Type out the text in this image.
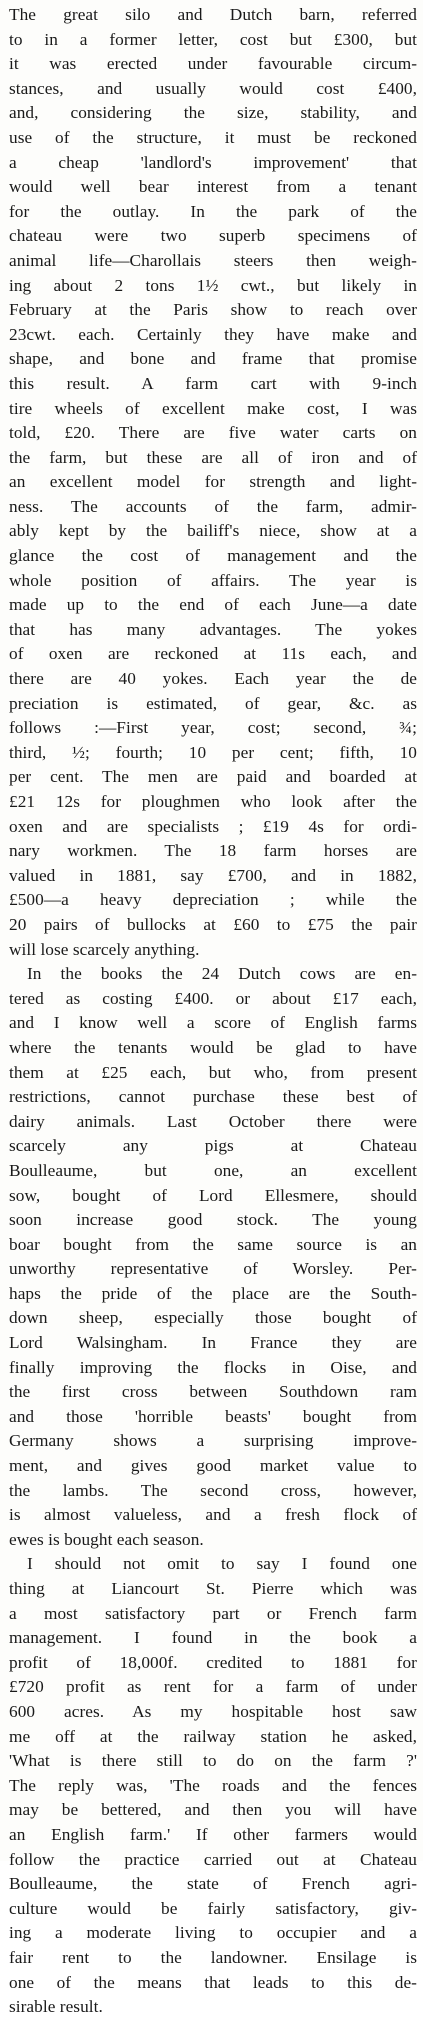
The great silo and Dutch barn, referred
to in a former letter, cost but £300, but
it was erected under favourable circum-
stances, and usually would cost £400,
and, considering the size, stability, and
use of the structure, it must be reckoned
a cheap 'landlord's improvement' that
would well bear interest from a tenant
for the outlay. In the park of the
chateau were two superb specimens of
animal life—Charollais steers then weigh-
ing about 2 tons 1½ cwt., but likely in
February at the Paris show to reach over
23cwt. each. Certainly they have make and
shape, and bone and frame that promise
this result. A farm cart with 9-inch
tire wheels of excellent make cost, I was
told, £20. There are five water carts on
the farm, but these are all of iron and of
an excellent model for strength and light-
ness. The accounts of the farm, admir-
ably kept by the bailiff's niece, show at a
glance the cost of management and the
whole position of affairs. The year is
made up to the end of each June—a date
that has many advantages. The yokes
of oxen are reckoned at 11s each, and
there are 40 yokes. Each year the de
preciation is estimated, of gear, &c. as
follows :—First year, cost; second, ¾;
third, ½; fourth; 10 per cent; fifth, 10
per cent. The men are paid and boarded at
£21 12s for ploughmen who look after the
oxen and are specialists ; £19 4s for ordi-
nary workmen. The 18 farm horses are
valued in 1881, say £700, and in 1882,
£500—a heavy depreciation ; while the
20 pairs of bullocks at £60 to £75 the pair
will lose scarcely anything.
In the books the 24 Dutch cows are en-
tered as costing £400. or about £17 each,
and I know well a score of English farms
where the tenants would be glad to have
them at £25 each, but who, from present
restrictions, cannot purchase these best of
dairy animals. Last October there were
scarcely any pigs at Chateau
Boulleaume, but one, an excellent
sow, bought of Lord Ellesmere, should
soon increase good stock. The young
boar bought from the same source is an
unworthy representative of Worsley. Per-
haps the pride of the place are the South-
down sheep, especially those bought of
Lord Walsingham. In France they are
finally improving the flocks in Oise, and
the first cross between Southdown ram
and those 'horrible beasts' bought from
Germany shows a surprising improve-
ment, and gives good market value to
the lambs. The second cross, however,
is almost valueless, and a fresh flock of
ewes is bought each season.
I should not omit to say I found one
thing at Liancourt St. Pierre which was
a most satisfactory part or French farm
management. I found in the book a
profit of 18,000f. credited to 1881 for
£720 profit as rent for a farm of under
600 acres. As my hospitable host saw
me off at the railway station he asked,
'What is there still to do on the farm ?'
The reply was, 'The roads and the fences
may be bettered, and then you will have
an English farm.' If other farmers would
follow the practice carried out at Chateau
Boulleaume, the state of French agri-
culture would be fairly satisfactory, giv-
ing a moderate living to occupier and a
fair rent to the landowner. Ensilage is
one of the means that leads to this de-
sirable result.
